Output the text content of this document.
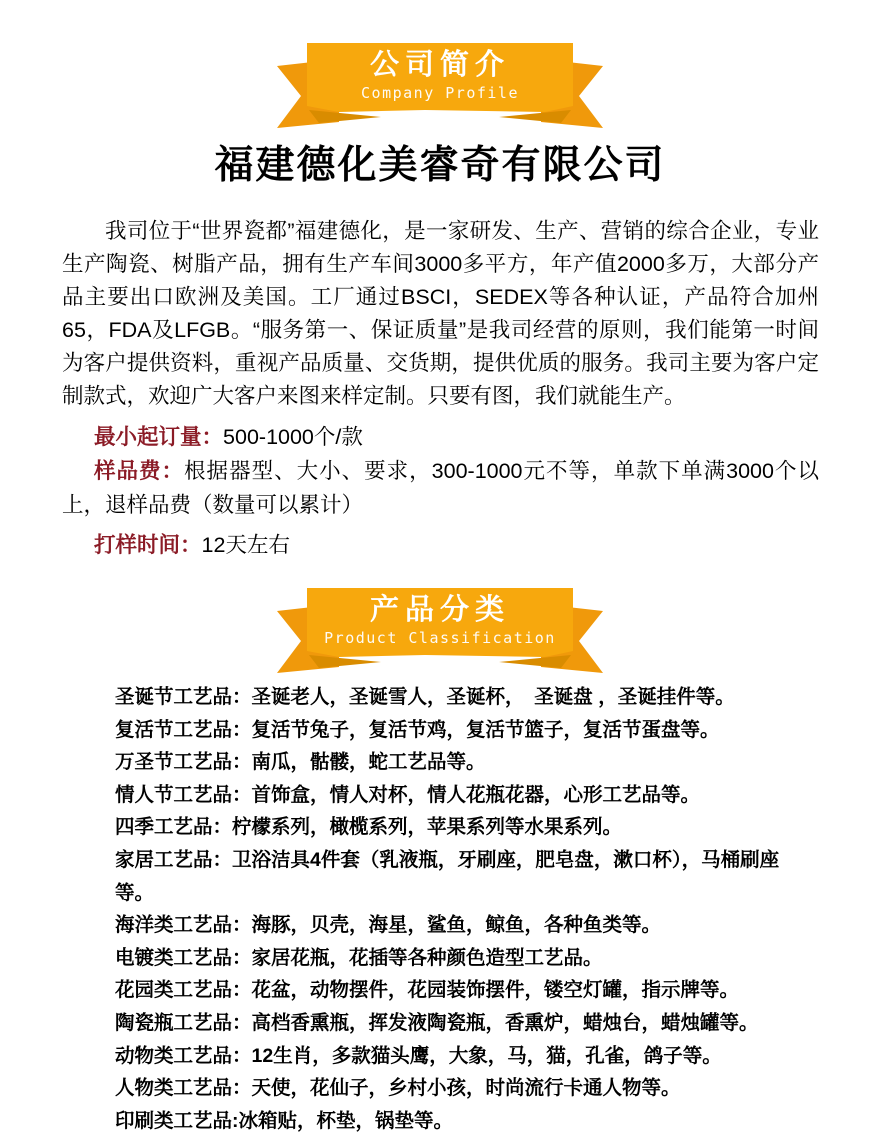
公司简介
Company Profile
福建德化美睿奇有限公司

我司位于“世界瓷都”福建德化，是一家研发、生产、营销的综合企业，专业生产陶瓷、树脂产品，拥有生产车间3000多平方，年产值2000多万，大部分产品主要出口欧洲及美国。工厂通过BSCI，SEDEX等各种认证，产品符合加州65，FDA及LFGB。“服务第一、保证质量”是我司经营的原则，我们能第一时间为客户提供资料，重视产品质量、交货期，提供优质的服务。我司主要为客户定制款式，欢迎广大客户来图来样定制。只要有图，我们就能生产。

最小起订量：500-1000个/款

样品费：根据器型、大小、要求，300-1000元不等，单款下单满3000个以上，退样品费（数量可以累计）

打样时间：12天左右

产品分类
Product Classification

圣诞节工艺品：圣诞老人，圣诞雪人，圣诞杯，　圣诞盘 ，圣诞挂件等。

复活节工艺品：复活节兔子，复活节鸡，复活节篮子，复活节蛋盘等。

万圣节工艺品：南瓜，骷髅，蛇工艺品等。

情人节工艺品：首饰盒，情人对杯，情人花瓶花器，心形工艺品等。

四季工艺品：柠檬系列，橄榄系列，苹果系列等水果系列。

家居工艺品：卫浴洁具4件套（乳液瓶，牙刷座，肥皂盘，漱口杯），马桶刷座等。

海洋类工艺品：海豚，贝壳，海星，鲨鱼，鲸鱼，各种鱼类等。

电镀类工艺品：家居花瓶，花插等各种颜色造型工艺品。

花园类工艺品：花盆，动物摆件，花园装饰摆件，镂空灯罐，指示牌等。

陶瓷瓶工艺品：高档香熏瓶，挥发液陶瓷瓶，香熏炉，蜡烛台，蜡烛罐等。

动物类工艺品：12生肖，多款猫头鹰，大象，马，猫，孔雀，鸽子等。

人物类工艺品：天使，花仙子，乡村小孩，时尚流行卡通人物等。

印刷类工艺品:冰箱贴，杯垫，锅垫等。
